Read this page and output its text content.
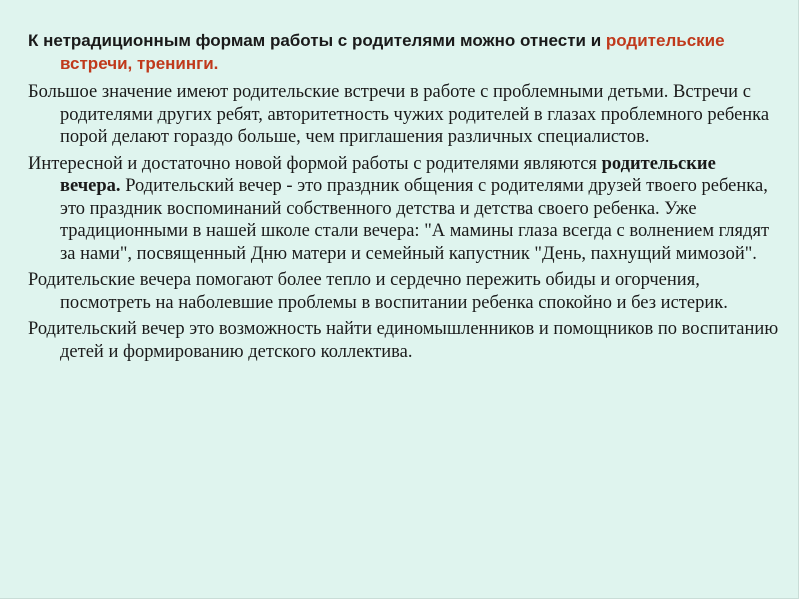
К нетрадиционным формам работы с родителями можно отнести и родительские встречи, тренинги.

Большое значение имеют родительские встречи в работе с проблемными детьми. Встречи с родителями других ребят, авторитетность чужих родителей в глазах проблемного ребенка порой делают гораздо больше, чем приглашения различных специалистов.

Интересной и достаточно новой формой работы с родителями являются родительские вечера. Родительский вечер - это праздник общения с родителями друзей твоего ребенка, это праздник воспоминаний собственного детства и детства своего ребенка. Уже традиционными в нашей школе стали вечера: "А мамины глаза всегда с волнением глядят за нами", посвященный Дню матери и семейный капустник "День, пахнущий мимозой".

Родительские вечера помогают более тепло и сердечно пережить обиды и огорчения, посмотреть на наболевшие проблемы в воспитании ребенка спокойно и без истерик.

Родительский вечер это возможность найти единомышленников и помощников по воспитанию детей и формированию детского коллектива.
